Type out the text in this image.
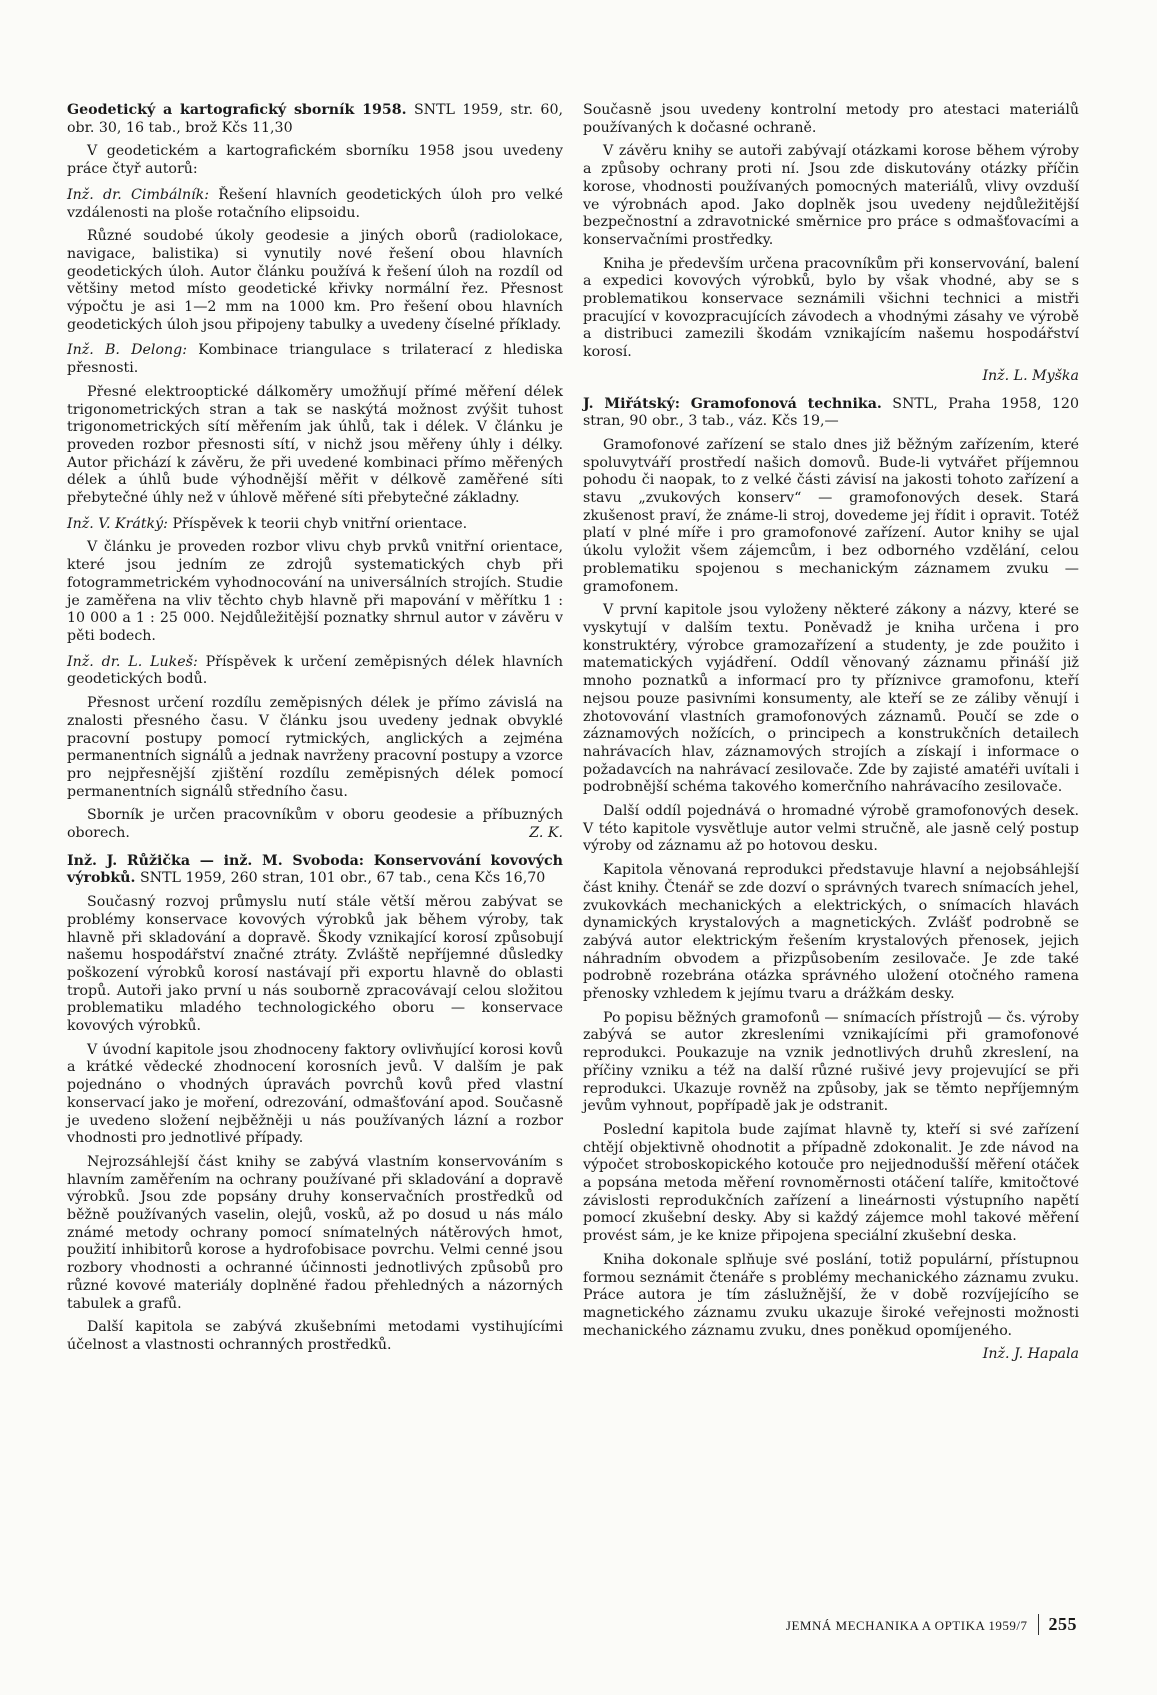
Geodetický a kartografický sborník 1958. SNTL 1959, str. 60, obr. 30, 16 tab., brož Kčs 11,30

V geodetickém a kartografickém sborníku 1958 jsou uvedeny práce čtyř autorů:

Inž. dr. Cimbálník: Řešení hlavních geodetických úloh pro velké vzdálenosti na ploše rotačního elipsoidu.

Různé soudobé úkoly geodesie a jiných oborů (radiolokace, navigace, balistika) si vynutily nové řešení obou hlavních geodetických úloh. Autor článku používá k řešení úloh na rozdíl od většiny metod místo geodetické křivky normální řez. Přesnost výpočtu je asi 1—2 mm na 1000 km. Pro řešení obou hlavních geodetických úloh jsou připojeny tabulky a uvedeny číselné příklady.

Inž. B. Delong: Kombinace triangulace s trilaterací z hlediska přesnosti.

Přesné elektrooptické dálkoměry umožňují přímé měření délek trigonometrických stran a tak se naskýtá možnost zvýšit tuhost trigonometrických sítí měřením jak úhlů, tak i délek. V článku je proveden rozbor přesnosti sítí, v nichž jsou měřeny úhly i délky. Autor přichází k závěru, že při uvedené kombinaci přímo měřených délek a úhlů bude výhodnější měřit v délkově zaměřené síti přebytečné úhly než v úhlově měřené síti přebytečné základny.

Inž. V. Krátký: Příspěvek k teorii chyb vnitřní orientace.

V článku je proveden rozbor vlivu chyb prvků vnitřní orientace, které jsou jedním ze zdrojů systematických chyb při fotogrammetrickém vyhodnocování na universálních strojích. Studie je zaměřena na vliv těchto chyb hlavně při mapování v měřítku 1 : 10 000 a 1 : 25 000. Nejdůležitější poznatky shrnul autor v závěru v pěti bodech.

Inž. dr. L. Lukeš: Příspěvek k určení zeměpisných délek hlavních geodetických bodů.

Přesnost určení rozdílu zeměpisných délek je přímo závislá na znalosti přesného času. V článku jsou uvedeny jednak obvyklé pracovní postupy pomocí rytmických, anglických a zejména permanentních signálů a jednak navrženy pracovní postupy a vzorce pro nejpřesnější zjištění rozdílu zeměpisných délek pomocí permanentních signálů středního času.

Sborník je určen pracovníkům v oboru geodesie a příbuzných oborech.	Z. K.

Inž. J. Růžička — inž. M. Svoboda: Konservování kovových výrobků. SNTL 1959, 260 stran, 101 obr., 67 tab., cena Kčs 16,70

Současný rozvoj průmyslu nutí stále větší měrou zabývat se problémy konservace kovových výrobků jak během výroby, tak hlavně při skladování a dopravě. Škody vznikající korosí způsobují našemu hospodářství značné ztráty. Zvláště nepříjemné důsledky poškození výrobků korosí nastávají při exportu hlavně do oblasti tropů. Autoři jako první u nás souborně zpracovávají celou složitou problematiku mladého technologického oboru — konservace kovových výrobků.

V úvodní kapitole jsou zhodnoceny faktory ovlivňující korosi kovů a krátké vědecké zhodnocení korosních jevů. V dalším je pak pojednáno o vhodných úpravách povrchů kovů před vlastní konservací jako je moření, odrezování, odmašťování apod. Současně je uvedeno složení nejběžněji u nás používaných lázní a rozbor vhodnosti pro jednotlivé případy.

Nejrozsáhlejší část knihy se zabývá vlastním konservováním s hlavním zaměřením na ochrany používané při skladování a dopravě výrobků. Jsou zde popsány druhy konservačních prostředků od běžně používaných vaselin, olejů, vosků, až po dosud u nás málo známé metody ochrany pomocí snímatelných nátěrových hmot, použití inhibitorů korose a hydrofobisace povrchu. Velmi cenné jsou rozbory vhodnosti a ochranné účinnosti jednotlivých způsobů pro různé kovové materiály doplněné řadou přehledných a názorných tabulek a grafů.

Další kapitola se zabývá zkušebními metodami vystihujícími účelnost a vlastnosti ochranných prostředků.

Současně jsou uvedeny kontrolní metody pro atestaci materiálů používaných k dočasné ochraně.

V závěru knihy se autoři zabývají otázkami korose během výroby a způsoby ochrany proti ní. Jsou zde diskutovány otázky příčin korose, vhodnosti používaných pomocných materiálů, vlivy ovzduší ve výrobnách apod. Jako doplněk jsou uvedeny nejdůležitější bezpečnostní a zdravotnické směrnice pro práce s odmašťovacími a konservačními prostředky.

Kniha je především určena pracovníkům při konservování, balení a expedici kovových výrobků, bylo by však vhodné, aby se s problematikou konservace seznámili všichni technici a mistři pracující v kovozpracujících závodech a vhodnými zásahy ve výrobě a distribuci zamezili škodám vznikajícím našemu hospodářství korosí.

Inž. L. Myška

J. Miřátský: Gramofonová technika. SNTL, Praha 1958, 120 stran, 90 obr., 3 tab., váz. Kčs 19,—

Gramofonové zařízení se stalo dnes již běžným zařízením, které spoluvytváří prostředí našich domovů. Bude-li vytvářet příjemnou pohodu či naopak, to z velké části závisí na jakosti tohoto zařízení a stavu „zvukových konserv“ — gramofonových desek. Stará zkušenost praví, že známe-li stroj, dovedeme jej řídit i opravit. Totéž platí v plné míře i pro gramofonové zařízení. Autor knihy se ujal úkolu vyložit všem zájemcům, i bez odborného vzdělání, celou problematiku spojenou s mechanickým záznamem zvuku — gramofonem.

V první kapitole jsou vyloženy některé zákony a názvy, které se vyskytují v dalším textu. Poněvadž je kniha určena i pro konstruktéry, výrobce gramozařízení a studenty, je zde použito i matematických vyjádření. Oddíl věnovaný záznamu přináší již mnoho poznatků a informací pro ty příznivce gramofonu, kteří nejsou pouze pasivními konsumenty, ale kteří se ze záliby věnují i zhotovování vlastních gramofonových záznamů. Poučí se zde o záznamových nožících, o principech a konstrukčních detailech nahrávacích hlav, záznamových strojích a získají i informace o požadavcích na nahrávací zesilovače. Zde by zajisté amatéři uvítali i podrobnější schéma takového komerčního nahrávacího zesilovače.

Další oddíl pojednává o hromadné výrobě gramofonových desek. V této kapitole vysvětluje autor velmi stručně, ale jasně celý postup výroby od záznamu až po hotovou desku.

Kapitola věnovaná reprodukci představuje hlavní a nejobsáhlejší část knihy. Čtenář se zde dozví o správných tvarech snímacích jehel, zvukovkách mechanických a elektrických, o snímacích hlavách dynamických krystalových a magnetických. Zvlášť podrobně se zabývá autor elektrickým řešením krystalových přenosek, jejich náhradním obvodem a přizpůsobením zesilovače. Je zde také podrobně rozebrána otázka správného uložení otočného ramena přenosky vzhledem k jejímu tvaru a drážkám desky.

Po popisu běžných gramofonů — snímacích přístrojů — čs. výroby zabývá se autor zkresleními vznikajícími při gramofonové reprodukci. Poukazuje na vznik jednotlivých druhů zkreslení, na příčiny vzniku a též na další různé rušivé jevy projevující se při reprodukci. Ukazuje rovněž na způsoby, jak se těmto nepříjemným jevům vyhnout, popřípadě jak je odstranit.

Poslední kapitola bude zajímat hlavně ty, kteří si své zařízení chtějí objektivně ohodnotit a případně zdokonalit. Je zde návod na výpočet stroboskopického kotouče pro nejjednodušší měření otáček a popsána metoda měření rovnoměrnosti otáčení talíře, kmitočtové závislosti reprodukčních zařízení a lineárnosti výstupního napětí pomocí zkušební desky. Aby si každý zájemce mohl takové měření provést sám, je ke knize připojena speciální zkušební deska.

Kniha dokonale splňuje své poslání, totiž populární, přístupnou formou seznámit čtenáře s problémy mechanického záznamu zvuku. Práce autora je tím záslužnější, že v době rozvíjejícího se magnetického záznamu zvuku ukazuje široké veřejnosti možnosti mechanického záznamu zvuku, dnes poněkud opomíjeného.

Inž. J. Hapala

JEMNÁ MECHANIKA A OPTIKA 1959/7	255
